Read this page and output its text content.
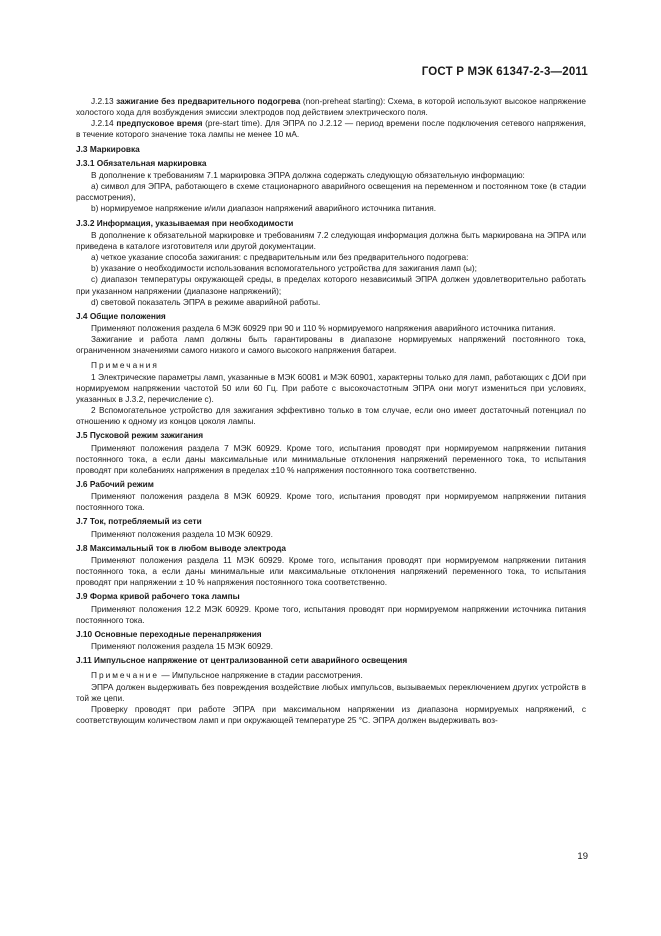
ГОСТ Р МЭК 61347-2-3—2011

J.2.13 зажигание без предварительного подогрева (non-preheat starting): Схема, в которой используют высокое напряжение холостого хода для возбуждения эмиссии электродов под действием электрического поля.

J.2.14 предпусковое время (pre-start time). Для ЭПРА по J.2.12 — период времени после подключения сетевого напряжения, в течение которого значение тока лампы не менее 10 мА.

J.3 Маркировка

J.3.1 Обязательная маркировка

В дополнение к требованиям 7.1 маркировка ЭПРА должна содержать следующую обязательную информацию:

а) символ для ЭПРА, работающего в схеме стационарного аварийного освещения на переменном и постоянном токе (в стадии рассмотрения),

b) нормируемое напряжение и/или диапазон напряжений аварийного источника питания.

J.3.2 Информация, указываемая при необходимости

В дополнение к обязательной маркировке и требованиям 7.2 следующая информация должна быть маркирована на ЭПРА или приведена в каталоге изготовителя или другой документации.

а) четкое указание способа зажигания: с предварительным или без предварительного подогрева:

b) указание о необходимости использования вспомогательного устройства для зажигания ламп (ы);

c) диапазон температуры окружающей среды, в пределах которого независимый ЭПРА должен удовлетворительно работать при указанном напряжении (диапазоне напряжений);

d) световой показатель ЭПРА в режиме аварийной работы.

J.4 Общие положения

Применяют положения раздела 6 МЭК 60929 при 90 и 110 % нормируемого напряжения аварийного источника питания.

Зажигание и работа ламп должны быть гарантированы в диапазоне нормируемых напряжений постоянного тока, ограниченном значениями самого низкого и самого высокого напряжения батареи.

Примечания

1 Электрические параметры ламп, указанные в МЭК 60081 и МЭК 60901, характерны только для ламп, работающих с ДОИ при нормируемом напряжении частотой 50 или 60 Гц. При работе с высокочастотным ЭПРА они могут измениться при условиях, указанных в J.3.2, перечисление с).

2 Вспомогательное устройство для зажигания эффективно только в том случае, если оно имеет достаточный потенциал по отношению к одному из концов цоколя лампы.

J.5 Пусковой режим зажигания

Применяют положения раздела 7 МЭК 60929. Кроме того, испытания проводят при нормируемом напряжении питания постоянного тока, а если даны максимальные или минимальные отклонения напряжений переменного тока, то испытания проводят при колебаниях напряжения в пределах ±10 % напряжения постоянного тока соответственно.

J.6 Рабочий режим

Применяют положения раздела 8 МЭК 60929. Кроме того, испытания проводят при нормируемом напряжении питания постоянного тока.

J.7 Ток, потребляемый из сети

Применяют положения раздела 10 МЭК 60929.

J.8 Максимальный ток в любом выводе электрода

Применяют положения раздела 11 МЭК 60929. Кроме того, испытания проводят при нормируемом напряжении питания постоянного тока, а если даны минимальные или максимальные отклонения напряжений переменного тока, то испытания проводят при напряжении ± 10 % напряжения постоянного тока соответственно.

J.9 Форма кривой рабочего тока лампы

Применяют положения 12.2 МЭК 60929. Кроме того, испытания проводят при нормируемом напряжении источника питания постоянного тока.

J.10 Основные переходные перенапряжения

Применяют положения раздела 15 МЭК 60929.

J.11 Импульсное напряжение от централизованной сети аварийного освещения

Примечание — Импульсное напряжение в стадии рассмотрения.

ЭПРА должен выдерживать без повреждения воздействие любых импульсов, вызываемых переключением других устройств в той же цепи.

Проверку проводят при работе ЭПРА при максимальном напряжении из диапазона нормируемых напряжений, с соответствующим количеством ламп и при окружающей температуре 25 °С. ЭПРА должен выдерживать воз-

19
